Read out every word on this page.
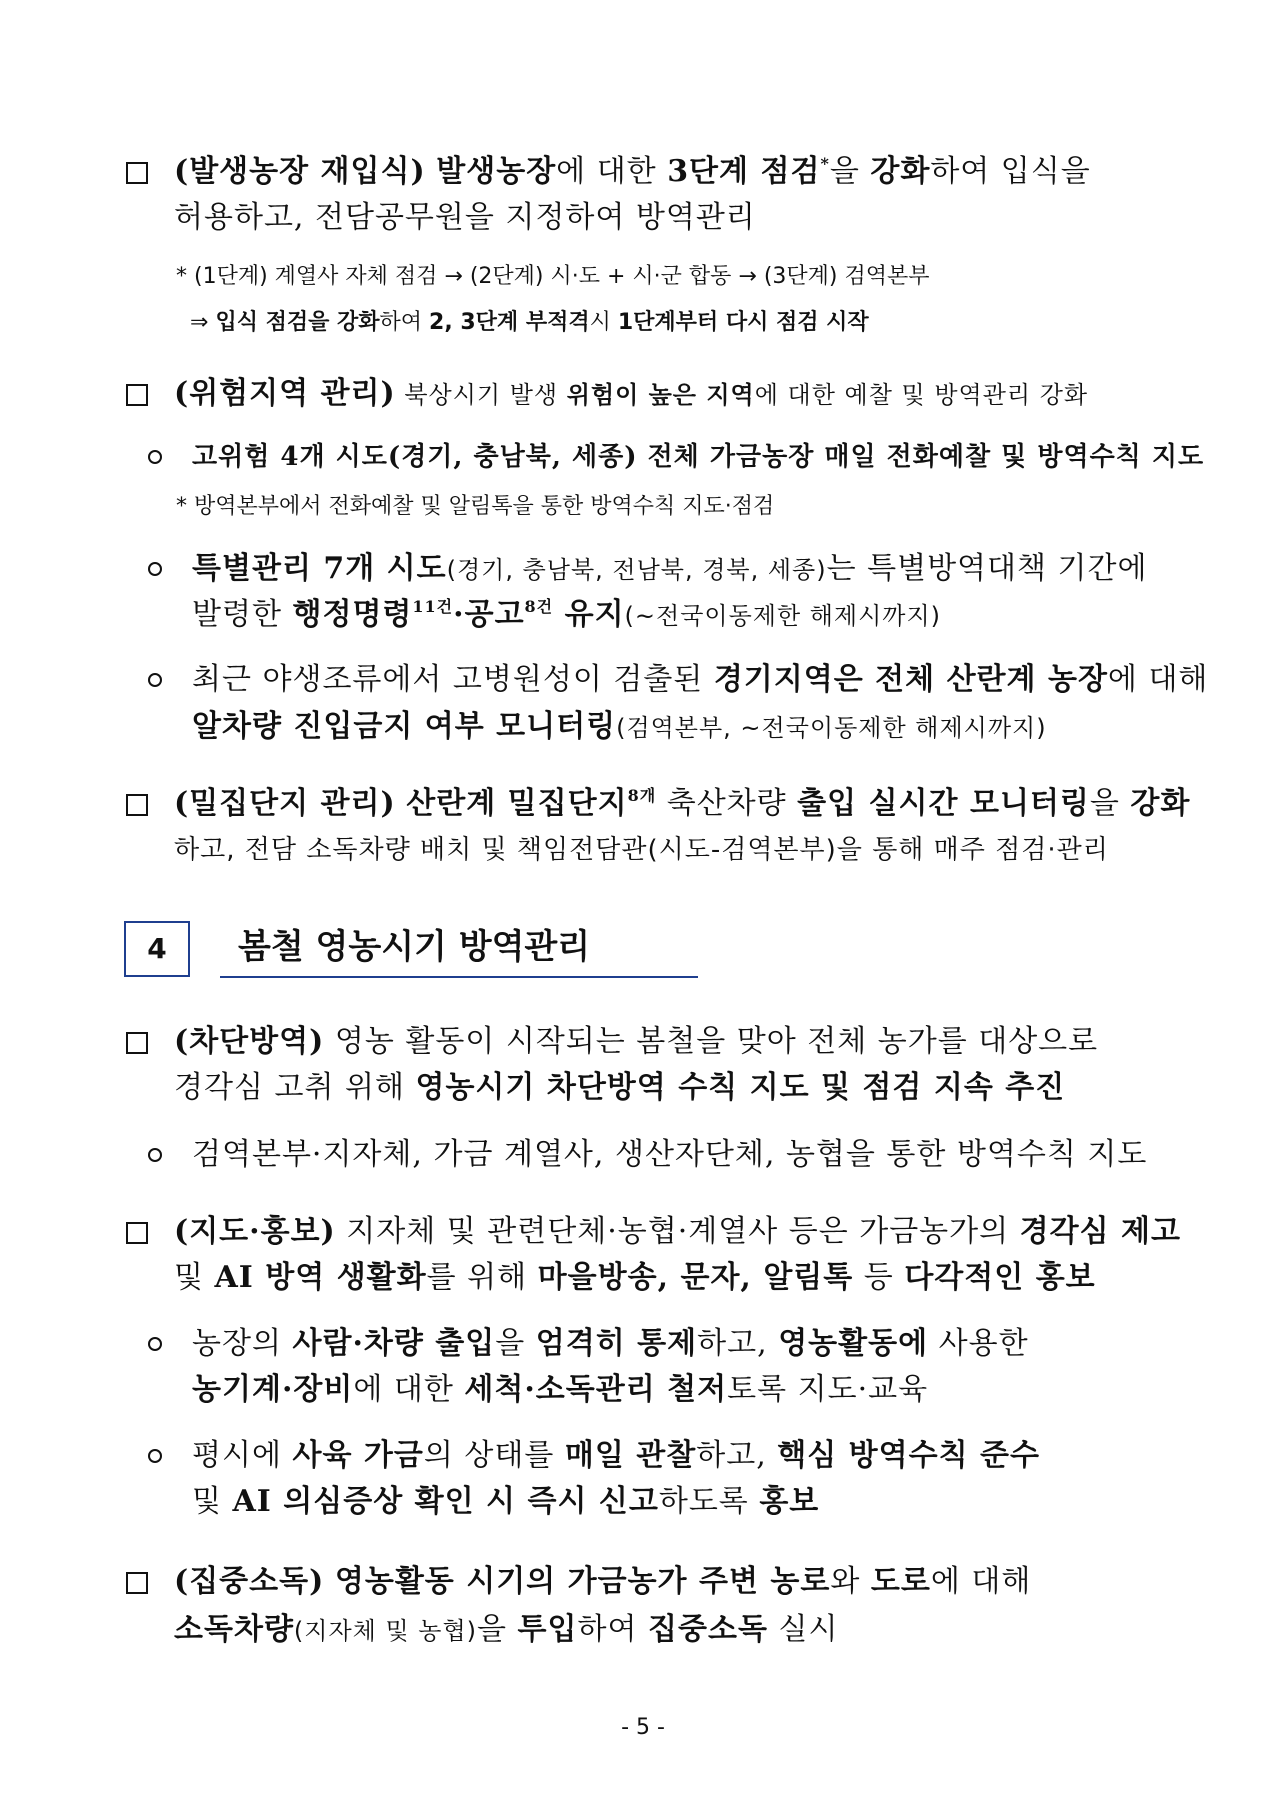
(발생농장 재입식) 발생농장에 대한 3단계 점검*을 강화하여 입식을
허용하고, 전담공무원을 지정하여 방역관리
* (1단계) 계열사 자체 점검 → (2단계) 시·도 + 시·군 합동 → (3단계) 검역본부
⇒ 입식 점검을 강화하여 2, 3단계 부적격시 1단계부터 다시 점검 시작
(위험지역 관리) 북상시기 발생 위험이 높은 지역에 대한 예찰 및 방역관리 강화
고위험 4개 시도(경기, 충남북, 세종) 전체 가금농장 매일 전화예찰 및 방역수칙 지도
* 방역본부에서 전화예찰 및 알림톡을 통한 방역수칙 지도·점검
특별관리 7개 시도(경기, 충남북, 전남북, 경북, 세종)는 특별방역대책 기간에
발령한 행정명령$^{11건}$·공고$^{8건}$ 유지(~전국이동제한 해제시까지)
최근 야생조류에서 고병원성이 검출된 경기지역은 전체 산란계 농장에 대해
알차량 진입금지 여부 모니터링(검역본부, ~전국이동제한 해제시까지)
(밀집단지 관리) 산란계 밀집단지$^{8개}$ 축산차량 출입 실시간 모니터링을 강화
하고, 전담 소독차량 배치 및 책임전담관(시도-검역본부)을 통해 매주 점검·관리
4	봄철 영농시기 방역관리
(차단방역) 영농 활동이 시작되는 봄철을 맞아 전체 농가를 대상으로
경각심 고취 위해 영농시기 차단방역 수칙 지도 및 점검 지속 추진
검역본부·지자체, 가금 계열사, 생산자단체, 농협을 통한 방역수칙 지도
(지도·홍보) 지자체 및 관련단체·농협·계열사 등은 가금농가의 경각심 제고
및 AI 방역 생활화를 위해 마을방송, 문자, 알림톡 등 다각적인 홍보
농장의 사람·차량 출입을 엄격히 통제하고, 영농활동에 사용한
농기계·장비에 대한 세척·소독관리 철저토록 지도·교육
평시에 사육 가금의 상태를 매일 관찰하고, 핵심 방역수칙 준수
및 AI 의심증상 확인 시 즉시 신고하도록 홍보
(집중소독) 영농활동 시기의 가금농가 주변 농로와 도로에 대해
소독차량(지자체 및 농협)을 투입하여 집중소독 실시
- 5 -
